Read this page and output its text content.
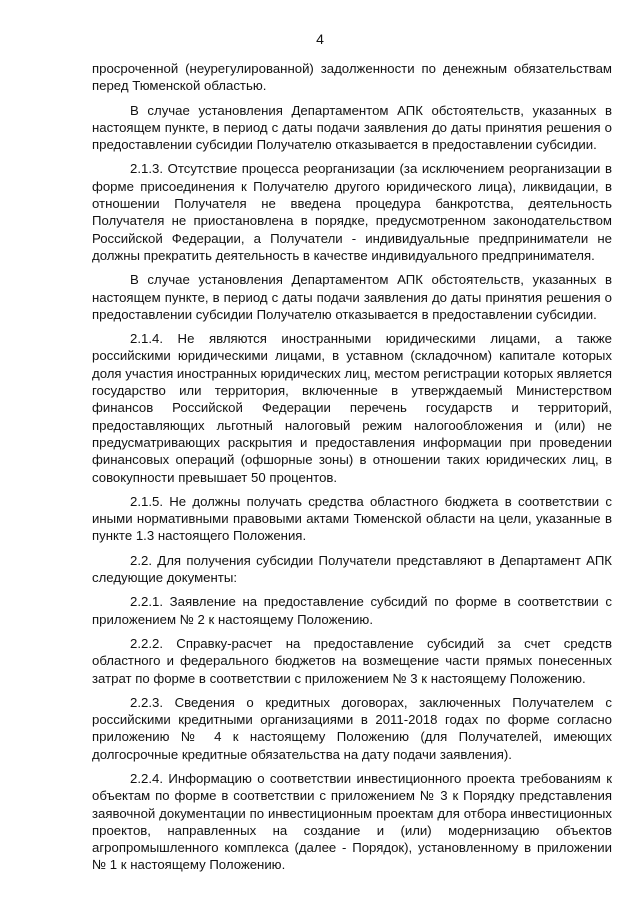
4

просроченной (неурегулированной) задолженности по денежным обязательствам перед Тюменской областью.

В случае установления Департаментом АПК обстоятельств, указанных в настоящем пункте, в период с даты подачи заявления до даты принятия решения о предоставлении субсидии Получателю отказывается в предоставлении субсидии.

2.1.3. Отсутствие процесса реорганизации (за исключением реорганизации в форме присоединения к Получателю другого юридического лица), ликвидации, в отношении Получателя не введена процедура банкротства, деятельность Получателя не приостановлена в порядке, предусмотренном законодательством Российской Федерации, а Получатели - индивидуальные предприниматели не должны прекратить деятельность в качестве индивидуального предпринимателя.

В случае установления Департаментом АПК обстоятельств, указанных в настоящем пункте, в период с даты подачи заявления до даты принятия решения о предоставлении субсидии Получателю отказывается в предоставлении субсидии.

2.1.4. Не являются иностранными юридическими лицами, а также российскими юридическими лицами, в уставном (складочном) капитале которых доля участия иностранных юридических лиц, местом регистрации которых является государство или территория, включенные в утверждаемый Министерством финансов Российской Федерации перечень государств и территорий, предоставляющих льготный налоговый режим налогообложения и (или) не предусматривающих раскрытия и предоставления информации при проведении финансовых операций (офшорные зоны) в отношении таких юридических лиц, в совокупности превышает 50 процентов.

2.1.5. Не должны получать средства областного бюджета в соответствии с иными нормативными правовыми актами Тюменской области на цели, указанные в пункте 1.3 настоящего Положения.

2.2. Для получения субсидии Получатели представляют в Департамент АПК следующие документы:

2.2.1. Заявление на предоставление субсидий по форме в соответствии с приложением № 2 к настоящему Положению.

2.2.2. Справку-расчет на предоставление субсидий за счет средств областного и федерального бюджетов на возмещение части прямых понесенных затрат по форме в соответствии с приложением № 3 к настоящему Положению.

2.2.3. Сведения о кредитных договорах, заключенных Получателем с российскими кредитными организациями в 2011-2018 годах по форме согласно приложению № 4 к настоящему Положению (для Получателей, имеющих долгосрочные кредитные обязательства на дату подачи заявления).

2.2.4. Информацию о соответствии инвестиционного проекта требованиям к объектам по форме в соответствии с приложением № 3 к Порядку представления заявочной документации по инвестиционным проектам для отбора инвестиционных проектов, направленных на создание и (или) модернизацию объектов агропромышленного комплекса (далее - Порядок), установленному в приложении № 1 к настоящему Положению.
